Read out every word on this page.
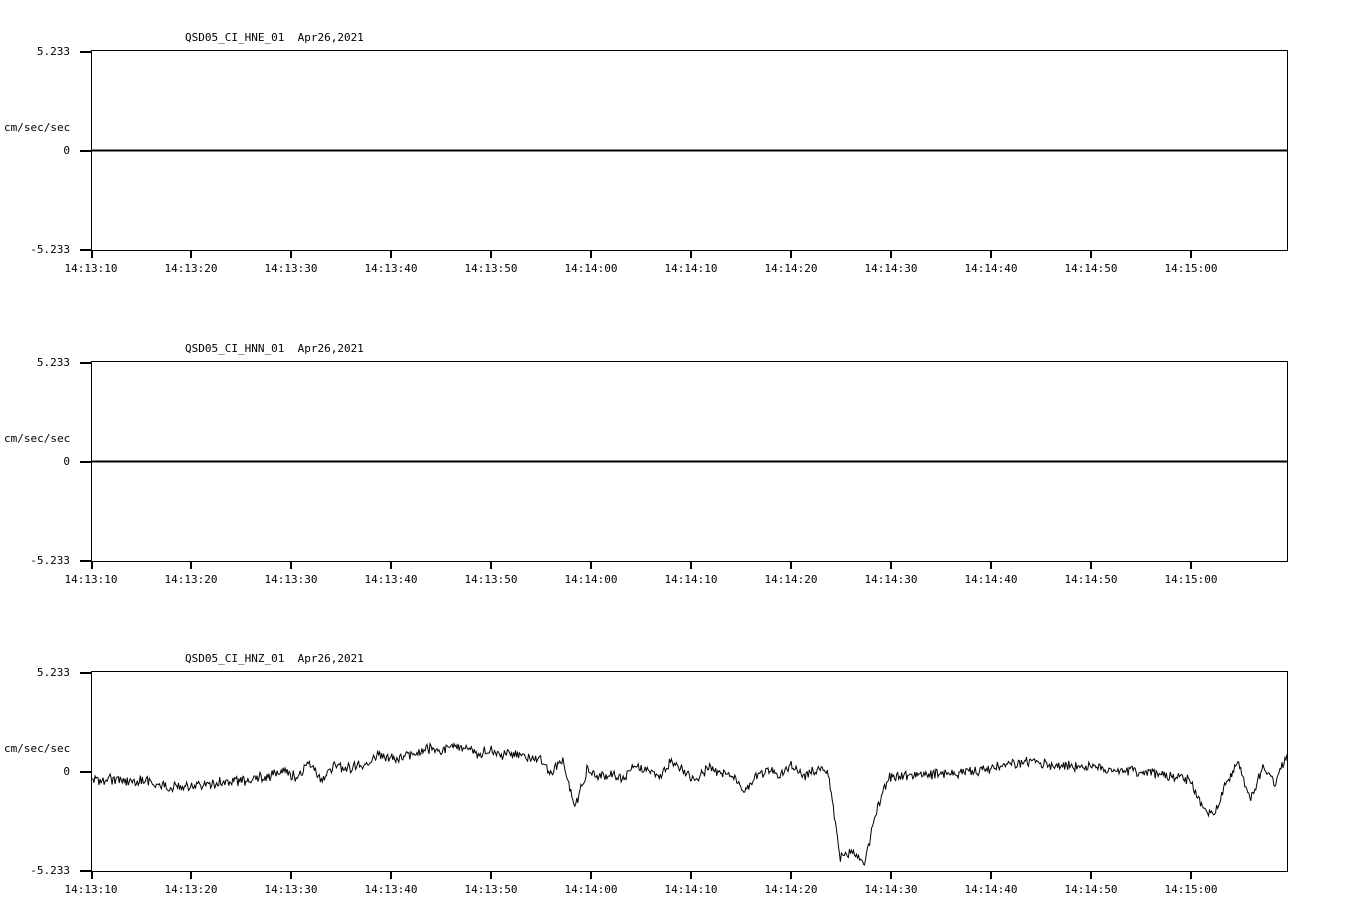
QSD05_CI_HNE_01  Apr26,2021
cm/sec/sec
5.233
0
-5.233
14:13:10	14:13:20	14:13:30	14:13:40	14:13:50	14:14:00	14:14:10	14:14:20	14:14:30	14:14:40	14:14:50	14:15:00
QSD05_CI_HNN_01  Apr26,2021
cm/sec/sec
5.233
0
-5.233
14:13:10	14:13:20	14:13:30	14:13:40	14:13:50	14:14:00	14:14:10	14:14:20	14:14:30	14:14:40	14:14:50	14:15:00
QSD05_CI_HNZ_01  Apr26,2021
cm/sec/sec
5.233
0
-5.233
14:13:10	14:13:20	14:13:30	14:13:40	14:13:50	14:14:00	14:14:10	14:14:20	14:14:30	14:14:40	14:14:50	14:15:00
